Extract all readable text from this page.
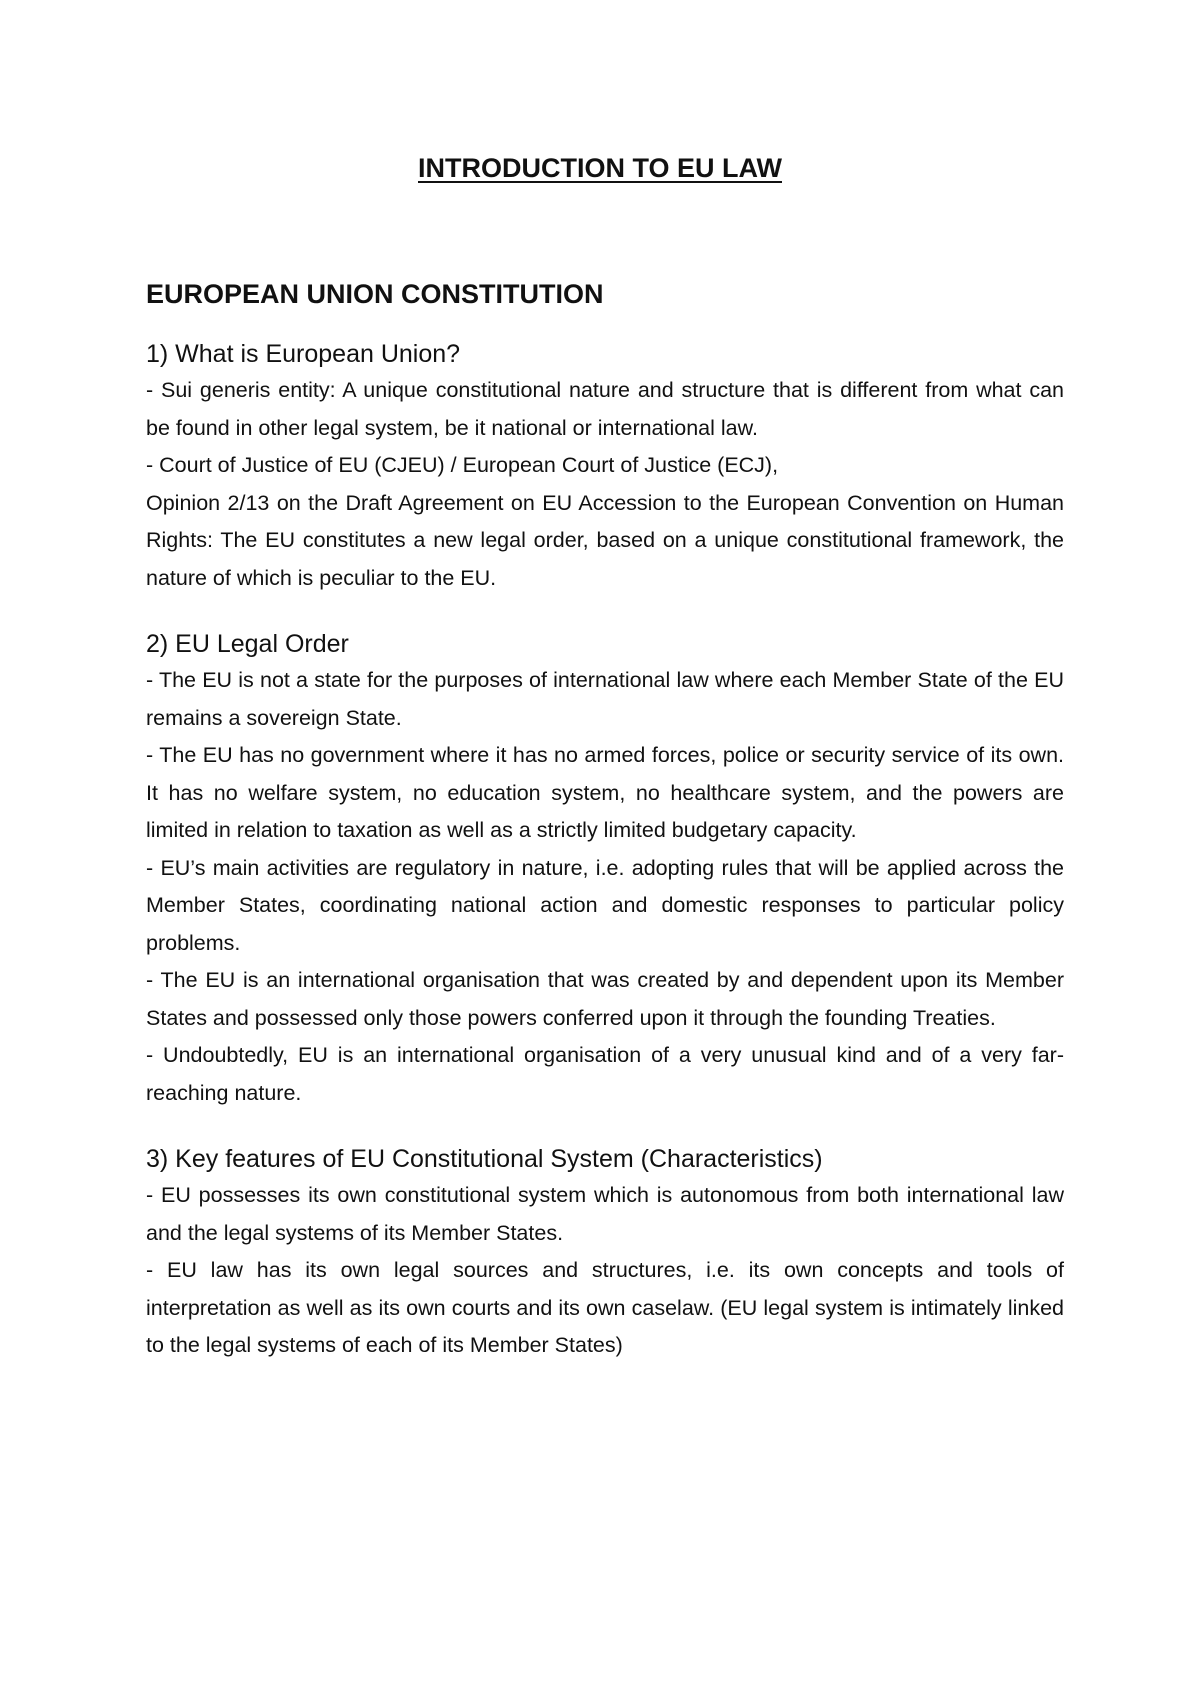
INTRODUCTION TO EU LAW
EUROPEAN UNION CONSTITUTION

1) What is European Union?

- Sui generis entity: A unique constitutional nature and structure that is different from what can be found in other legal system, be it national or international law.

- Court of Justice of EU (CJEU) / European Court of Justice (ECJ),

Opinion 2/13 on the Draft Agreement on EU Accession to the European Convention on Human Rights: The EU constitutes a new legal order, based on a unique constitutional framework, the nature of which is peculiar to the EU.

2) EU Legal Order

- The EU is not a state for the purposes of international law where each Member State of the EU remains a sovereign State.

- The EU has no government where it has no armed forces, police or security service of its own. It has no welfare system, no education system, no healthcare system, and the powers are limited in relation to taxation as well as a strictly limited budgetary capacity.

- EU’s main activities are regulatory in nature, i.e. adopting rules that will be applied across the Member States, coordinating national action and domestic responses to particular policy problems.

- The EU is an international organisation that was created by and dependent upon its Member States and possessed only those powers conferred upon it through the founding Treaties.

- Undoubtedly, EU is an international organisation of a very unusual kind and of a very far-reaching nature.

3) Key features of EU Constitutional System (Characteristics)

- EU possesses its own constitutional system which is autonomous from both international law and the legal systems of its Member States.

- EU law has its own legal sources and structures, i.e. its own concepts and tools of interpretation as well as its own courts and its own caselaw. (EU legal system is intimately linked to the legal systems of each of its Member States)
